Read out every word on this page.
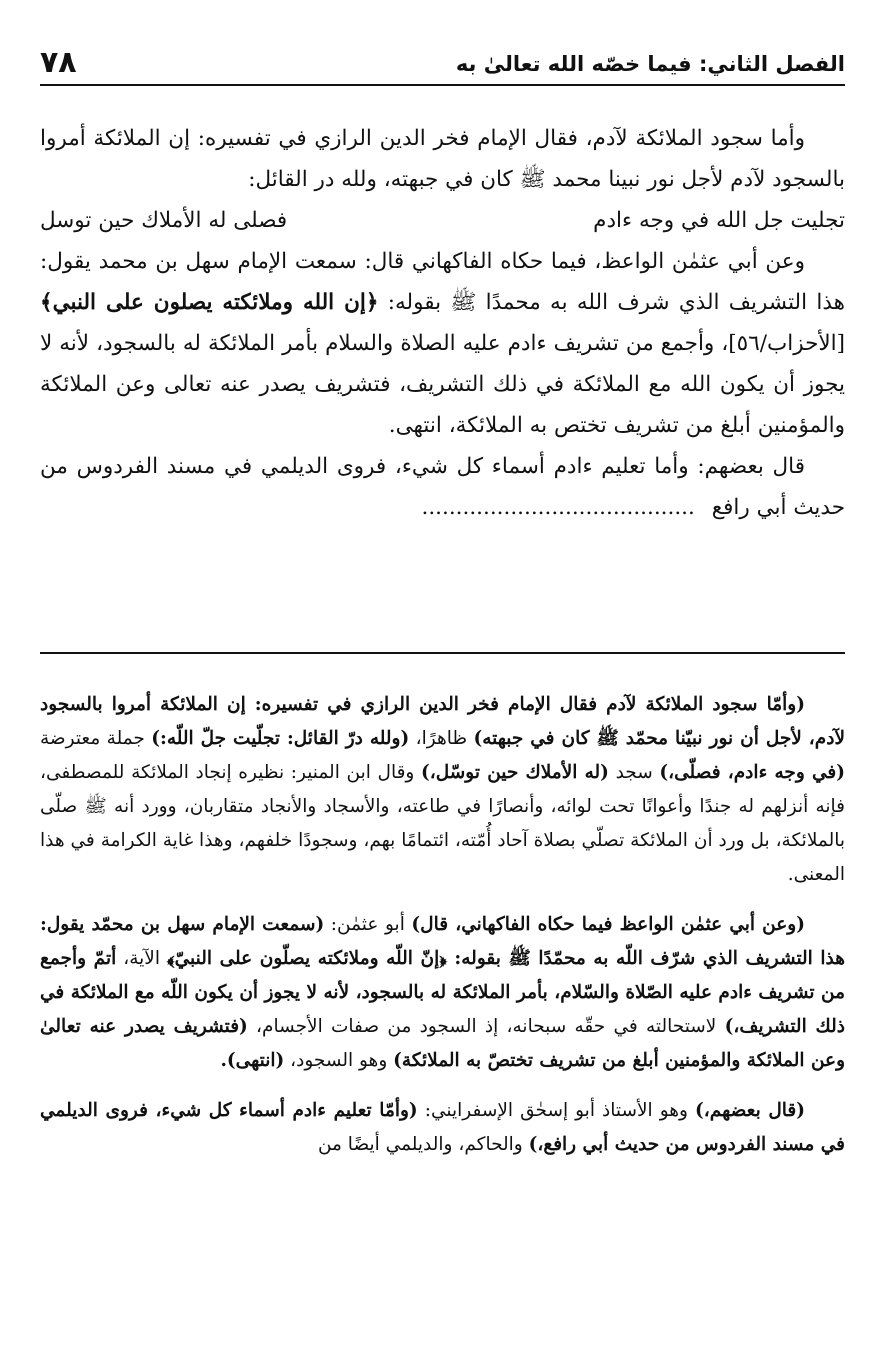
الفصل الثاني: فيما خصّه الله تعالىٰ به
٧٨

وأما سجود الملائكة لآدم، فقال الإمام فخر الدين الرازي في تفسيره: إن الملائكة أمروا بالسجود لآدم لأجل نور نبينا محمد ﷺ كان في جبهته، ولله در القائل:

تجليت جل الله في وجه ءادم
فصلى له الأملاك حين توسل

وعن أبي عثمٰن الواعظ، فيما حكاه الفاكهاني قال: سمعت الإمام سهل بن محمد يقول: هذا التشريف الذي شرف الله به محمدًا ﷺ بقوله: ﴿إن الله وملائكته يصلون على النبي﴾ [الأحزاب/٥٦]، وأجمع من تشريف ءادم عليه الصلاة والسلام بأمر الملائكة له بالسجود، لأنه لا يجوز أن يكون الله مع الملائكة في ذلك التشريف، فتشريف يصدر عنه تعالى وعن الملائكة والمؤمنين أبلغ من تشريف تختص به الملائكة، انتهى.

قال بعضهم: وأما تعليم ءادم أسماء كل شيء، فروى الديلمي في مسند الفردوس من حديث أبي رافع ........................................

(وأمّا سجود الملائكة لآدم فقال الإمام فخر الدين الرازي في تفسيره: إن الملائكة أمروا بالسجود لآدم، لأجل أن نور نبيّنا محمّد ﷺ كان في جبهته) ظاهرًا، (ولله درّ القائل: تجلّيت جلّ اللّه:) جملة معترضة (في وجه ءادم، فصلّى،) سجد (له الأملاك حين توسّل،) وقال ابن المنير: نظيره إنجاد الملائكة للمصطفى، فإنه أنزلهم له جندًا وأعوانًا تحت لوائه، وأنصارًا في طاعته، والأسجاد والأنجاد متقاربان، وورد أنه ﷺ صلّى بالملائكة، بل ورد أن الملائكة تصلّي بصلاة آحاد أُمّته، ائتمامًا بهم، وسجودًا خلفهم، وهذا غاية الكرامة في هذا المعنى.

(وعن أبي عثمٰن الواعظ فيما حكاه الفاكهاني، قال) أبو عثمٰن: (سمعت الإمام سهل بن محمّد يقول: هذا التشريف الذي شرّف اللّه به محمّدًا ﷺ بقوله: ﴿إنّ اللّه وملائكته يصلّون على النبيّ﴾ الآية، أتمّ وأجمع من تشريف ءادم عليه الصّلاة والسّلام، بأمر الملائكة له بالسجود، لأنه لا يجوز أن يكون اللّه مع الملائكة في ذلك التشريف،) لاستحالته في حقّه سبحانه، إذ السجود من صفات الأجسام، (فتشريف يصدر عنه تعالىٰ وعن الملائكة والمؤمنين أبلغ من تشريف تختصّ به الملائكة) وهو السجود، (انتهى).

(قال بعضهم،) وهو الأستاذ أبو إسحٰق الإسفرايني: (وأمّا تعليم ءادم أسماء كل شيء، فروى الديلمي في مسند الفردوس من حديث أبي رافع،) والحاكم، والديلمي أيضًا من
